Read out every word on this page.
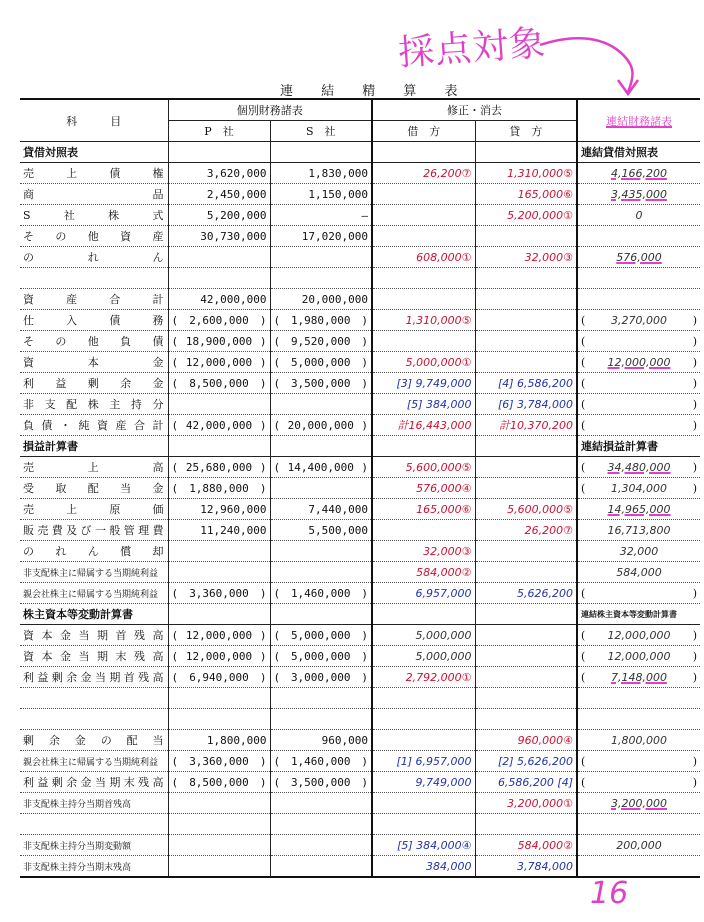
採点対象
連 結 精 算 表
科　　　目	個別財務諸表		修正・消去		連結財務諸表
	P　社	S　社	借　方	貸　方	
貸借対照表					連結貸借対照表
売　上　債　権	3,620,000	1,830,000	26,200⑦	1,310,000⑤	4,166,200

商　　　　品	2,450,000	1,150,000		165,000⑥	3,435,000

S　社　株　式	5,200,000	—		5,200,000①	0

そ の 他 資 産	30,730,000	17,020,000			
の　れ　ん			608,000①	32,000③	576,000

資　産　合　計	42,000,000	20,000,000			
仕　入　債　務	( 2,600,000 )	( 1,980,000 )	1,310,000⑤		( 3,270,000 )

そ の 他 負 債	( 18,900,000 )	( 9,520,000 )			( )

資　本　金	( 12,000,000 )	( 5,000,000 )	5,000,000①		( 12,000,000 )

利 益 剰 余 金	( 8,500,000 )	( 3,500,000 )	[3] 9,749,000	[4] 6,586,200	( )

非支配株主持分			[5] 384,000	[6] 3,784,000	( )

負債・純資産合計	( 42,000,000 )	( 20,000,000 )	計16,443,000	計10,370,200	( )

損益計算書					連結損益計算書
売　　上　　高	( 25,680,000 )	( 14,400,000 )	5,600,000⑤		( 34,480,000 )

受 取 配 当 金	( 1,880,000 )		576,000④		( 1,304,000 )

売　上　原　価	12,960,000	7,440,000	165,000⑥	5,600,000⑤	14,965,000

販売費及び一般管理費	11,240,000	5,500,000		26,200⑦	16,713,800

の れ ん 償 却			32,000③		32,000

非支配株主に帰属する当期純利益			584,000②		584,000

親会社株主に帰属する当期純利益	( 3,360,000 )	( 1,460,000 )	6,957,000	5,626,200	( )

株主資本等変動計算書					連結株主資本等変動計算書
資本金当期首残高	( 12,000,000 )	( 5,000,000 )	5,000,000		( 12,000,000 )

資本金当期末残高	( 12,000,000 )	( 5,000,000 )	5,000,000		( 12,000,000 )

利益剰余金当期首残高	( 6,940,000 )	( 3,000,000 )	2,792,000①		( 7,148,000 )

剰 余 金 の 配 当	1,800,000	960,000		960,000④	1,800,000

親会社株主に帰属する当期純利益	( 3,360,000 )	( 1,460,000 )	[1] 6,957,000	[2] 5,626,200	( )

利益剰余金当期末残高	( 8,500,000 )	( 3,500,000 )	9,749,000	6,586,200 [4]	( )

非支配株主持分当期首残高				3,200,000①	3,200,000

非支配株主持分当期変動額			[5] 384,000④	584,000②	200,000

非支配株主持分当期末残高			384,000	3,784,000	
16
